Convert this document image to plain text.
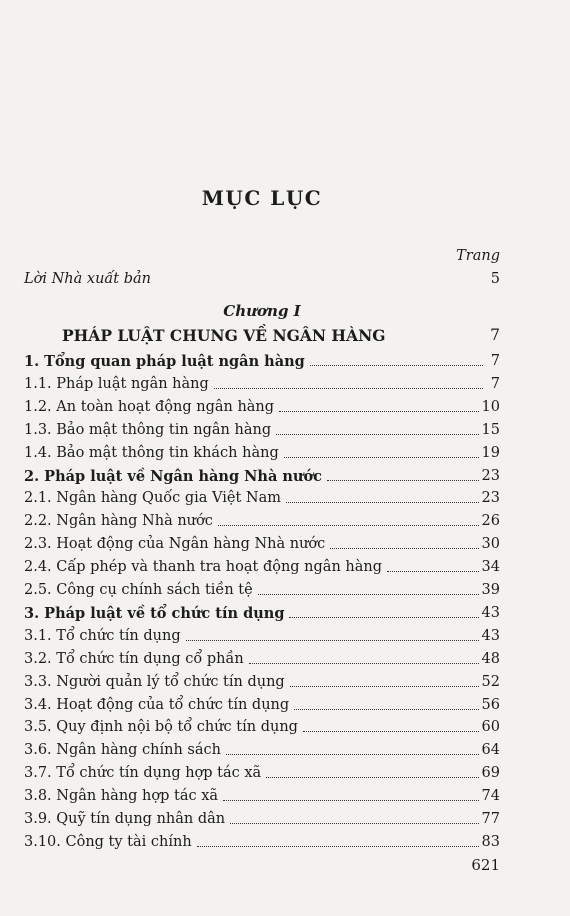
MỤC LỤC
Trang
Lời Nhà xuất bản	5
Chương I
PHÁP LUẬT CHUNG VỀ NGÂN HÀNG	7
1. Tổng quan pháp luật ngân hàng	7
1.1. Pháp luật ngân hàng	7
1.2. An toàn hoạt động ngân hàng	10
1.3. Bảo mật thông tin ngân hàng	15
1.4. Bảo mật thông tin khách hàng	19
2. Pháp luật về Ngân hàng Nhà nước	23
2.1. Ngân hàng Quốc gia Việt Nam	23
2.2. Ngân hàng Nhà nước	26
2.3. Hoạt động của Ngân hàng Nhà nước	30
2.4. Cấp phép và thanh tra hoạt động ngân hàng	34
2.5. Công cụ chính sách tiền tệ	39
3. Pháp luật về tổ chức tín dụng	43
3.1. Tổ chức tín dụng	43
3.2. Tổ chức tín dụng cổ phần	48
3.3. Người quản lý tổ chức tín dụng	52
3.4. Hoạt động của tổ chức tín dụng	56
3.5. Quy định nội bộ tổ chức tín dụng	60
3.6. Ngân hàng chính sách	64
3.7. Tổ chức tín dụng hợp tác xã	69
3.8. Ngân hàng hợp tác xã	74
3.9. Quỹ tín dụng nhân dân	77
3.10. Công ty tài chính	83
621
